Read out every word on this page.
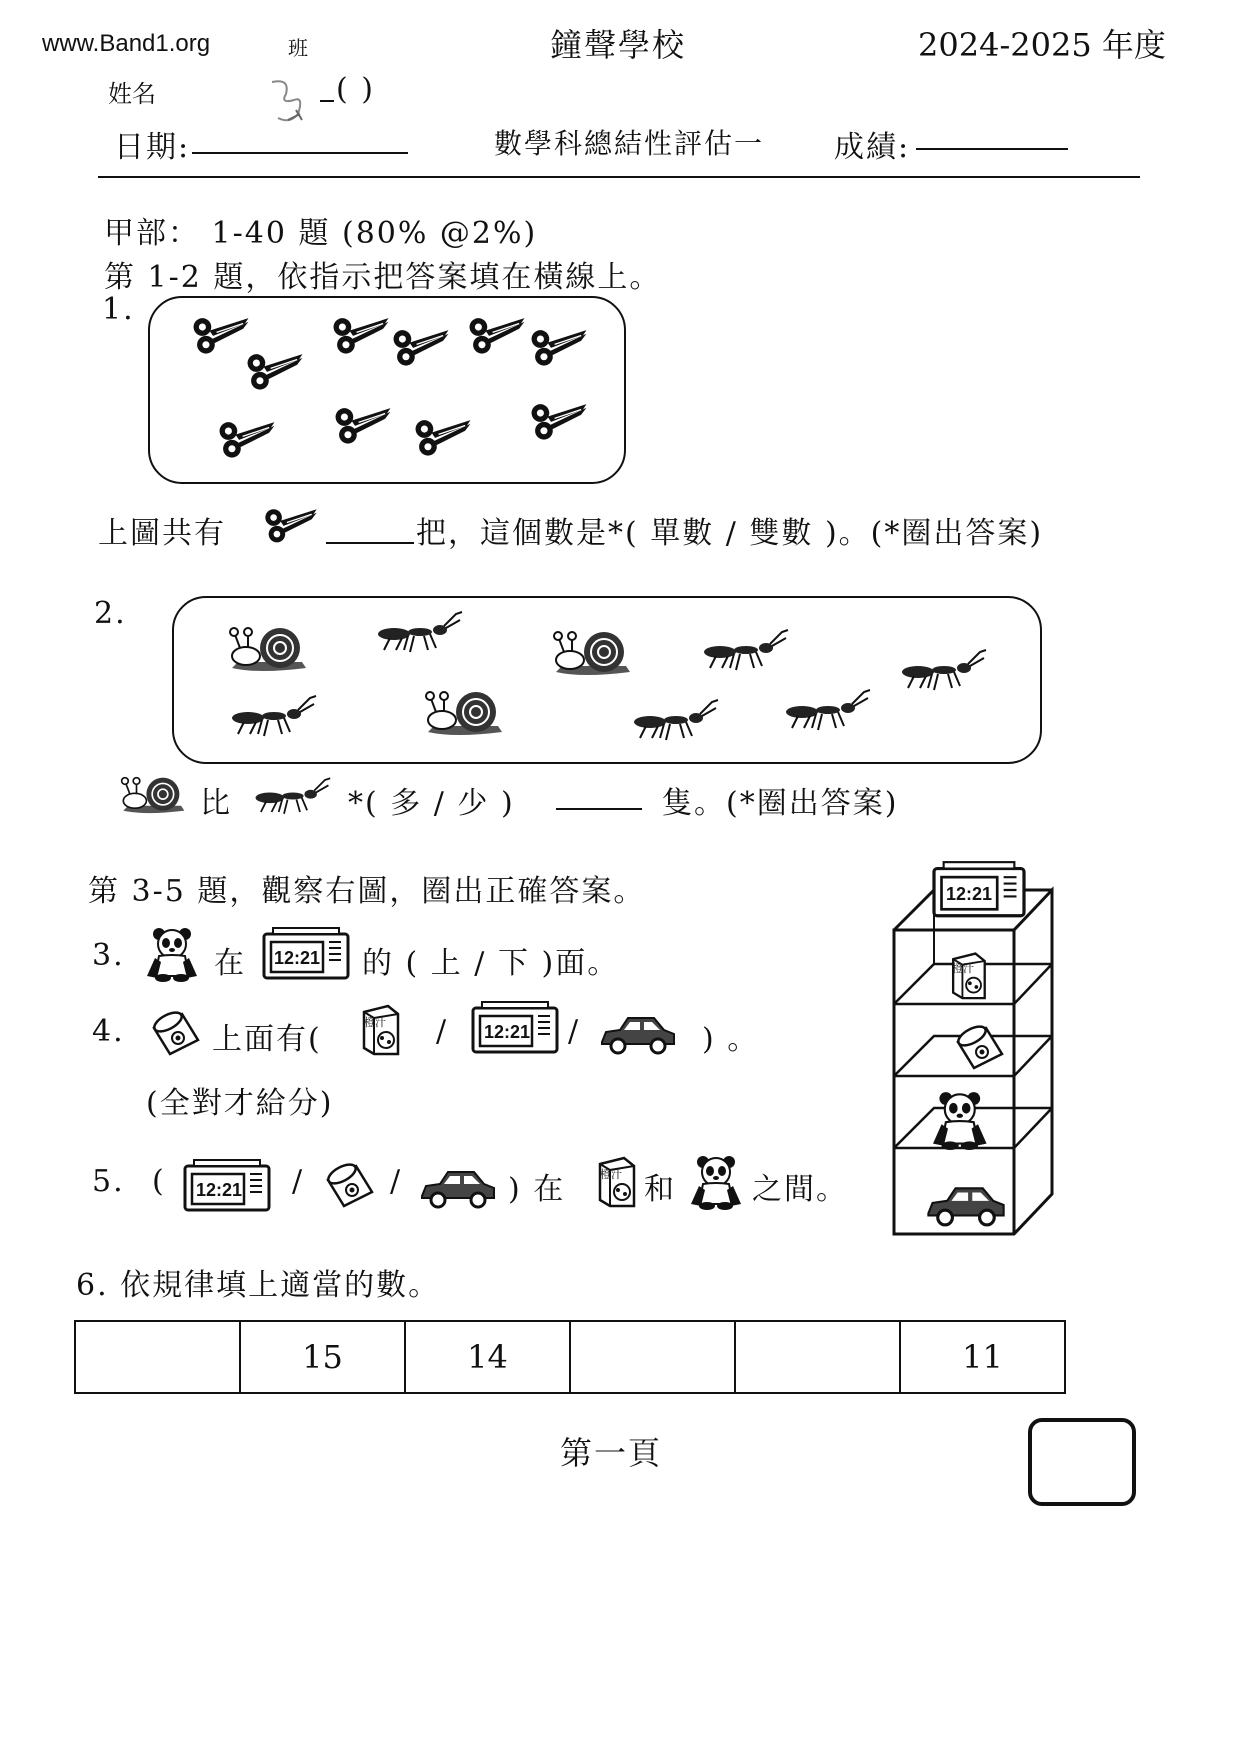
www.Band1.org	班	鐘聲學校	2024-2025 年度
姓名	( )
日期:	數學科總結性評估一 成績:
甲部： 1-40 題 (80% @2%)
第 1-2 題，依指示把答案填在橫線上。
1.
上圖共有	把，這個數是*( 單數 / 雙數 )。(*圈出答案)
2.
比	*( 多 / 少 )	隻。(*圈出答案)
第 3-5 題，觀察右圖，圈出正確答案。
3.	在 12:21 的 ( 上 / 下 )面。
4.	上面有(	橙汁 / 12:21 /	) 。
(全對才給分)
5. ( 12:21 /	/	) 在	橙汁 和	之間。
12:21
橙汁
6. 依規律填上適當的數。
	15	14			11
第一頁
